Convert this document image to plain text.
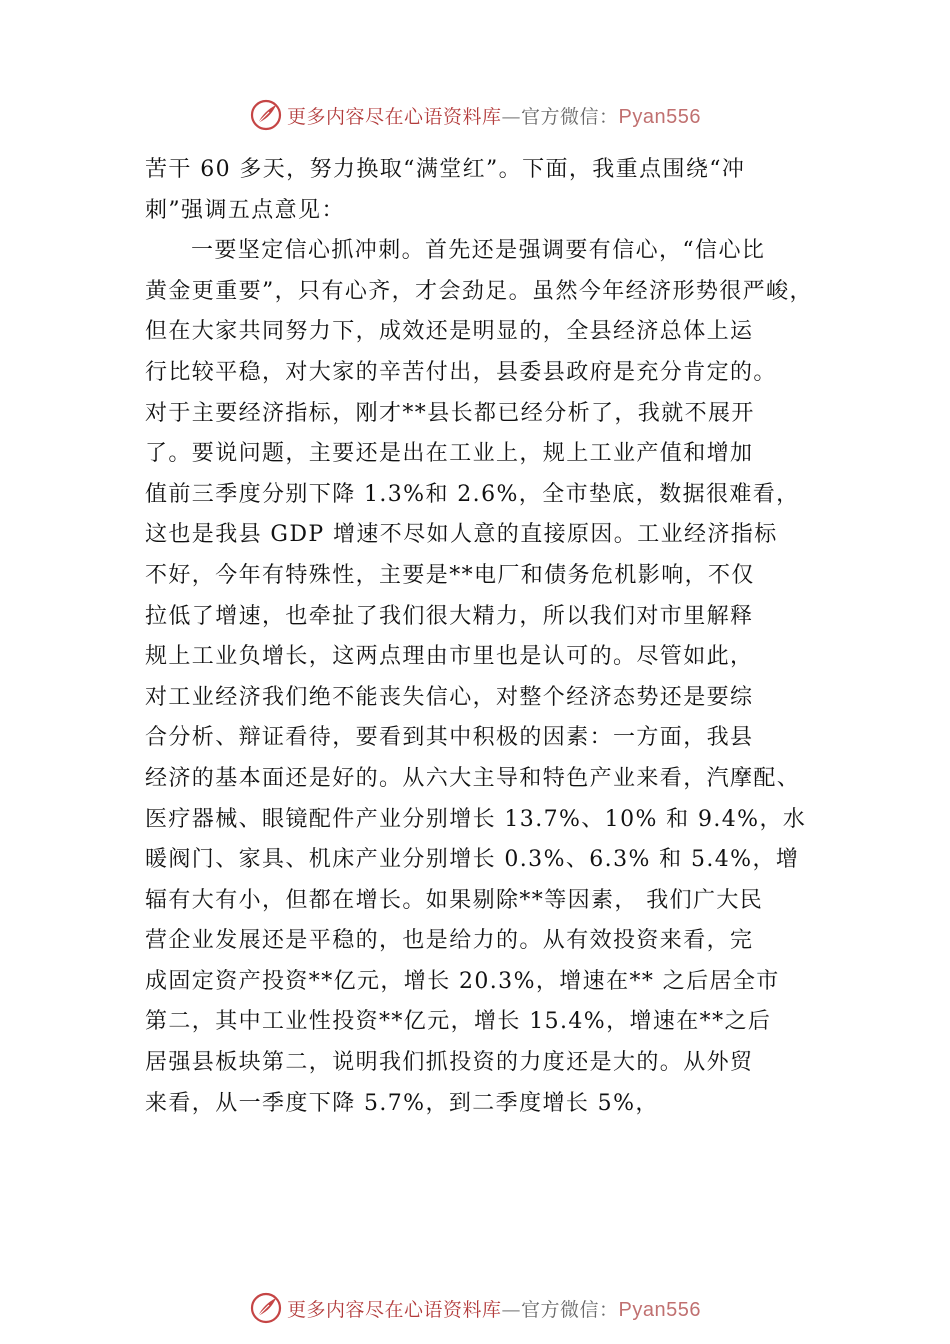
更多内容尽在心语资料库—官方微信：Pyan556
苦干 60 多天，努力换取“满堂红”。下面，我重点围绕“冲
刺”强调五点意见：
一要坚定信心抓冲刺。首先还是强调要有信心，“信心比
黄金更重要”，只有心齐，才会劲足。虽然今年经济形势很严峻，
但在大家共同努力下，成效还是明显的，全县经济总体上运
行比较平稳，对大家的辛苦付出，县委县政府是充分肯定的。
对于主要经济指标，刚才**县长都已经分析了，我就不展开
了。要说问题，主要还是出在工业上，规上工业产值和增加
值前三季度分别下降 1.3%和 2.6%，全市垫底，数据很难看，
这也是我县 GDP 增速不尽如人意的直接原因。工业经济指标
不好，今年有特殊性，主要是**电厂和债务危机影响，不仅
拉低了增速，也牵扯了我们很大精力，所以我们对市里解释
规上工业负增长，这两点理由市里也是认可的。尽管如此，
对工业经济我们绝不能丧失信心，对整个经济态势还是要综
合分析、辩证看待，要看到其中积极的因素：一方面，我县
经济的基本面还是好的。从六大主导和特色产业来看，汽摩配、
医疗器械、眼镜配件产业分别增长 13.7%、10% 和 9.4%，水
暖阀门、家具、机床产业分别增长 0.3%、6.3% 和 5.4%，增
辐有大有小，但都在增长。如果剔除**等因素， 我们广大民
营企业发展还是平稳的，也是给力的。从有效投资来看，完
成固定资产投资**亿元，增长 20.3%，增速在** 之后居全市
第二，其中工业性投资**亿元，增长 15.4%，增速在**之后
居强县板块第二，说明我们抓投资的力度还是大的。从外贸
来看，从一季度下降 5.7%，到二季度增长 5%，
更多内容尽在心语资料库—官方微信：Pyan556
